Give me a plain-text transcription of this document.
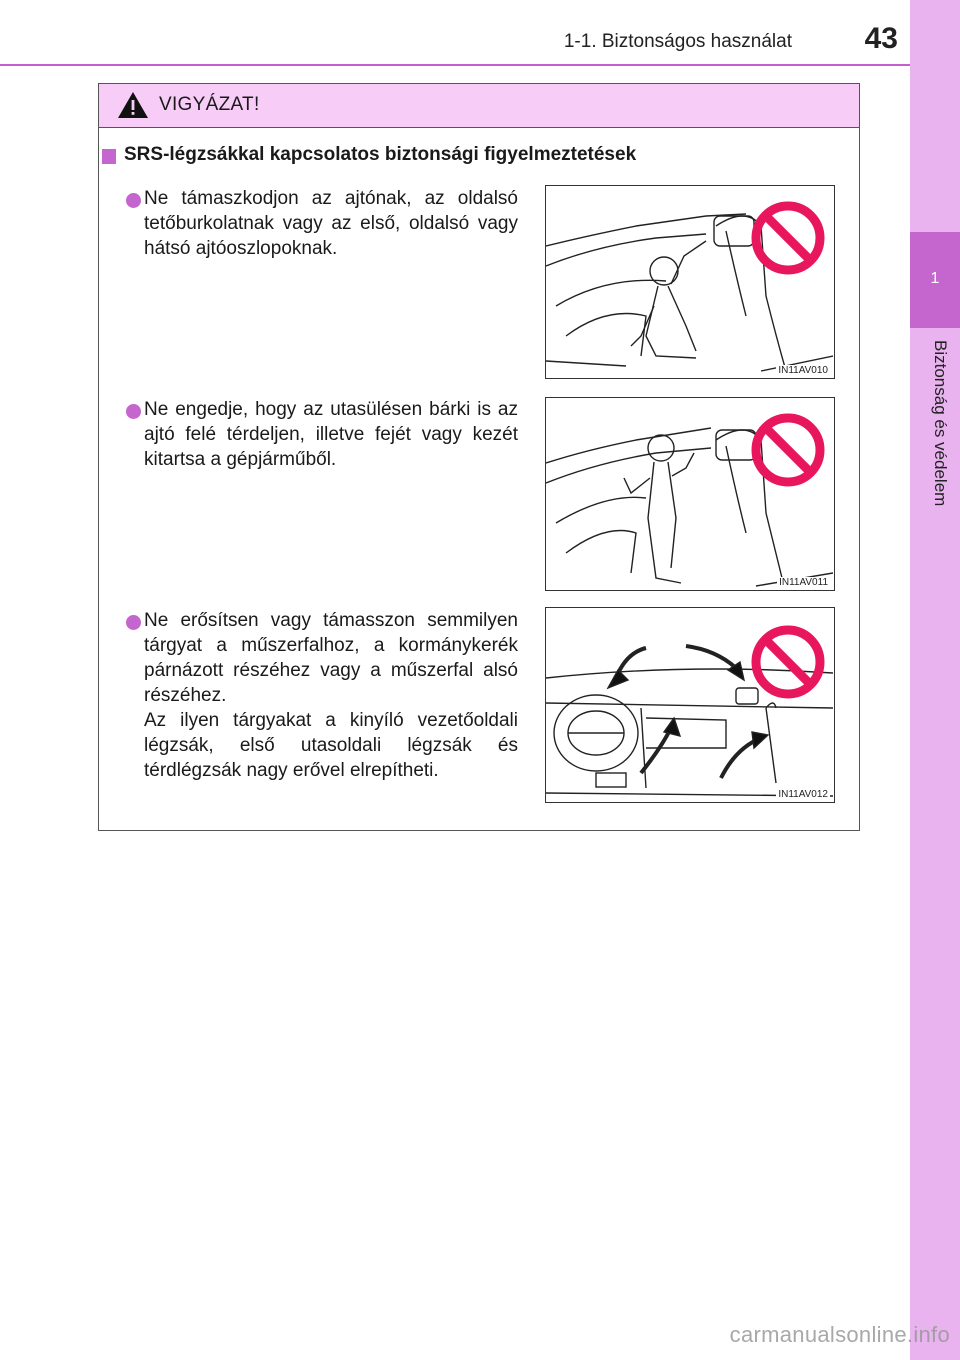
1-1. Biztonságos használat	43
1
Biztonság és védelem
VIGYÁZAT!
SRS-légzsákkal kapcsolatos biztonsági figyelmeztetések
Ne támaszkodjon az ajtónak, az oldalsó tetőburkolatnak vagy az első, oldalsó vagy hátsó ajtóoszlopoknak.
IN11AV010
Ne engedje, hogy az utasülésen bárki is az ajtó felé térdeljen, illetve fejét vagy kezét kitartsa a gépjárműből.
IN11AV011
Ne erősítsen vagy támasszon semmilyen tárgyat a műszerfalhoz, a kormánykerék párnázott részéhez vagy a műszerfal alsó részéhez.
Az ilyen tárgyakat a kinyíló vezetőoldali légzsák, első utasoldali légzsák és térdlégzsák nagy erővel elrepítheti.
IN11AV012
carmanualsonline.info
